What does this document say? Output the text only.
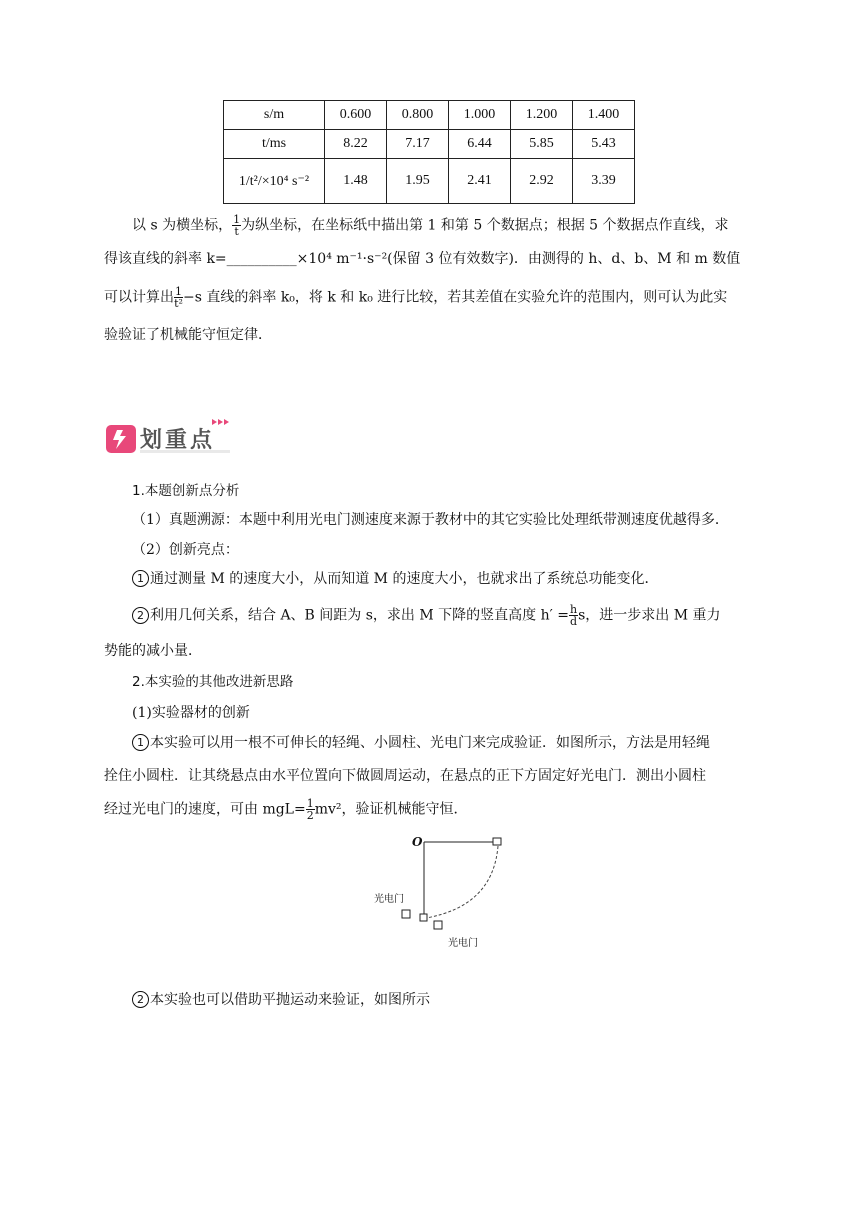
s/m	0.600	0.800	1.000	1.200	1.400
t/ms	8.22	7.17	6.44	5.85	5.43
1/t²/×10⁴ s⁻²	1.48	1.95	2.41	2.92	3.39
以 s 为横坐标， $\frac{1}{t}$ 为纵坐标，在坐标纸中描出第 1 和第 5 个数据点；根据 5 个数据点作直线，求
得该直线的斜率 k=__________×10⁴ m⁻¹·s⁻²(保留 3 位有效数字)．由测得的 h、d、b、M 和 m 数值
可以计算出 $\frac{1}{\text{t²}} -s$ 直线的斜率 k₀，将 k 和 k₀ 进行比较，若其差值在实验允许的范围内，则可认为此实
验验证了机械能守恒定律．
划重点
1.本题创新点分析
（1）真题溯源：本题中利用光电门测速度来源于教材中的其它实验比处理纸带测速度优越得多．
（2）创新亮点：
1 通过测量 M 的速度大小，从而知道 M 的速度大小，也就求出了系统总功能变化．
2 利用几何关系，结合 A、B 间距为 s，求出 M 下降的竖直高度 $h' = \frac{h}{d}$ s，进一步求出 M 重力
势能的减小量．
2.本实验的其他改进新思路
(1)实验器材的创新
1 本实验可以用一根不可伸长的轻绳、小圆柱、光电门来完成验证．如图所示，方法是用轻绳
拴住小圆柱．让其绕悬点由水平位置向下做圆周运动，在悬点的正下方固定好光电门．测出小圆柱
经过光电门的速度，可由 $mgL= \frac{1}{2} mv^2$，验证机械能守恒．
O
光电门
光电门
2 本实验也可以借助平抛运动来验证，如图所示
